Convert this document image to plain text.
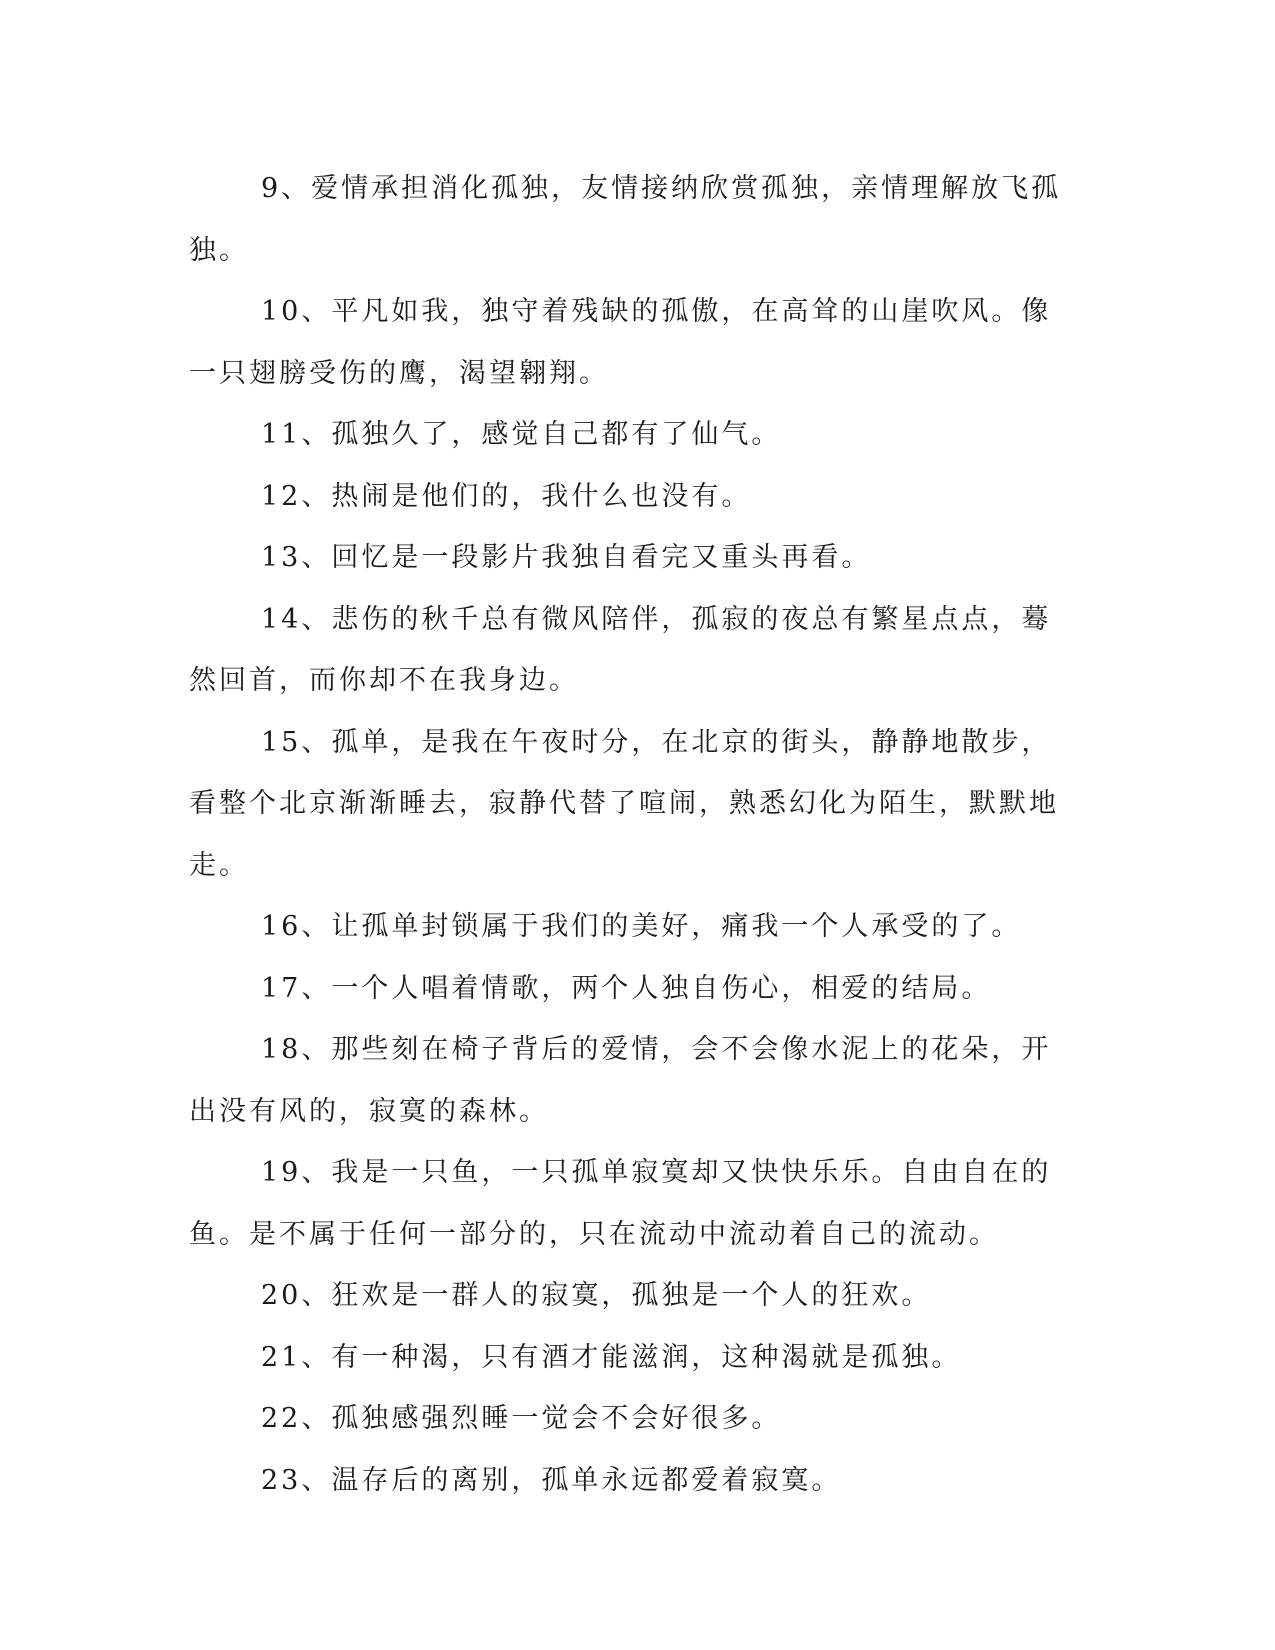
9、爱情承担消化孤独，友情接纳欣赏孤独，亲情理解放飞孤独。

10、平凡如我，独守着残缺的孤傲，在高耸的山崖吹风。像一只翅膀受伤的鹰，渴望翱翔。

11、孤独久了，感觉自己都有了仙气。

12、热闹是他们的，我什么也没有。

13、回忆是一段影片我独自看完又重头再看。

14、悲伤的秋千总有微风陪伴，孤寂的夜总有繁星点点，蓦然回首，而你却不在我身边。

15、孤单，是我在午夜时分，在北京的街头，静静地散步，看整个北京渐渐睡去，寂静代替了喧闹，熟悉幻化为陌生，默默地走。

16、让孤单封锁属于我们的美好，痛我一个人承受的了。

17、一个人唱着情歌，两个人独自伤心，相爱的结局。

18、那些刻在椅子背后的爱情，会不会像水泥上的花朵，开出没有风的，寂寞的森林。

19、我是一只鱼，一只孤单寂寞却又快快乐乐。自由自在的鱼。是不属于任何一部分的，只在流动中流动着自己的流动。

20、狂欢是一群人的寂寞，孤独是一个人的狂欢。

21、有一种渴，只有酒才能滋润，这种渴就是孤独。

22、孤独感强烈睡一觉会不会好很多。

23、温存后的离别，孤单永远都爱着寂寞。
